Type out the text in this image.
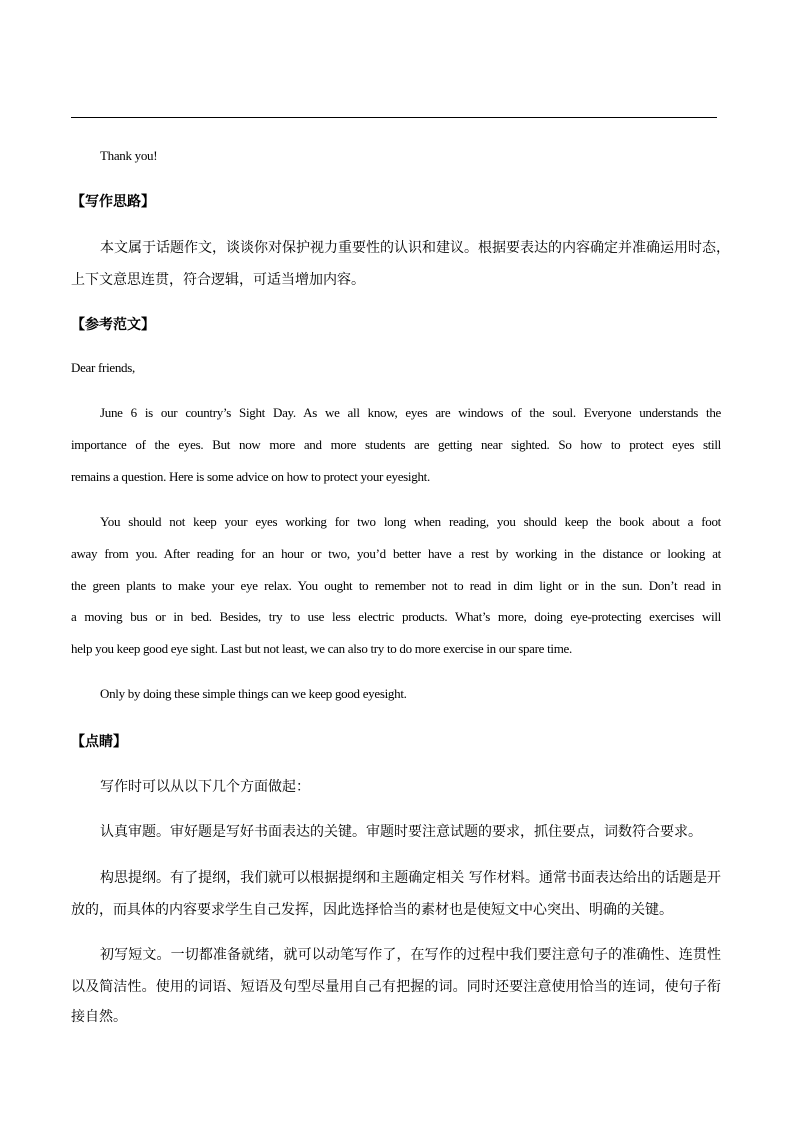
Thank you!
【写作思路】
本文属于话题作文，谈谈你对保护视力重要性的认识和建议。根据要表达的内容确定并准确运用时态，
上下文意思连贯，符合逻辑，可适当增加内容。
【参考范文】
Dear friends,
June 6 is our country’s Sight Day. As we all know, eyes are windows of the soul. Everyone understands the
importance of the eyes. But now more and more students are getting near sighted. So how to protect eyes still
remains a question. Here is some advice on how to protect your eyesight.
You should not keep your eyes working for two long when reading, you should keep the book about a foot
away from you. After reading for an hour or two, you’d better have a rest by working in the distance or looking at
the green plants to make your eye relax. You ought to remember not to read in dim light or in the sun. Don’t read in
a moving bus or in bed. Besides, try to use less electric products. What’s more, doing eye-protecting exercises will
help you keep good eye sight. Last but not least, we can also try to do more exercise in our spare time.
Only by doing these simple things can we keep good eyesight.
【点睛】
写作时可以从以下几个方面做起：
认真审题。审好题是写好书面表达的关键。审题时要注意试题的要求，抓住要点，词数符合要求。
构思提纲。有了提纲，我们就可以根据提纲和主题确定相关 写作材料。通常书面表达给出的话题是开
放的，而具体的内容要求学生自己发挥，因此选择恰当的素材也是使短文中心突出、明确的关键。
初写短文。一切都准备就绪，就可以动笔写作了，在写作的过程中我们要注意句子的准确性、连贯性
以及简洁性。使用的词语、短语及句型尽量用自己有把握的词。同时还要注意使用恰当的连词，使句子衔
接自然。
